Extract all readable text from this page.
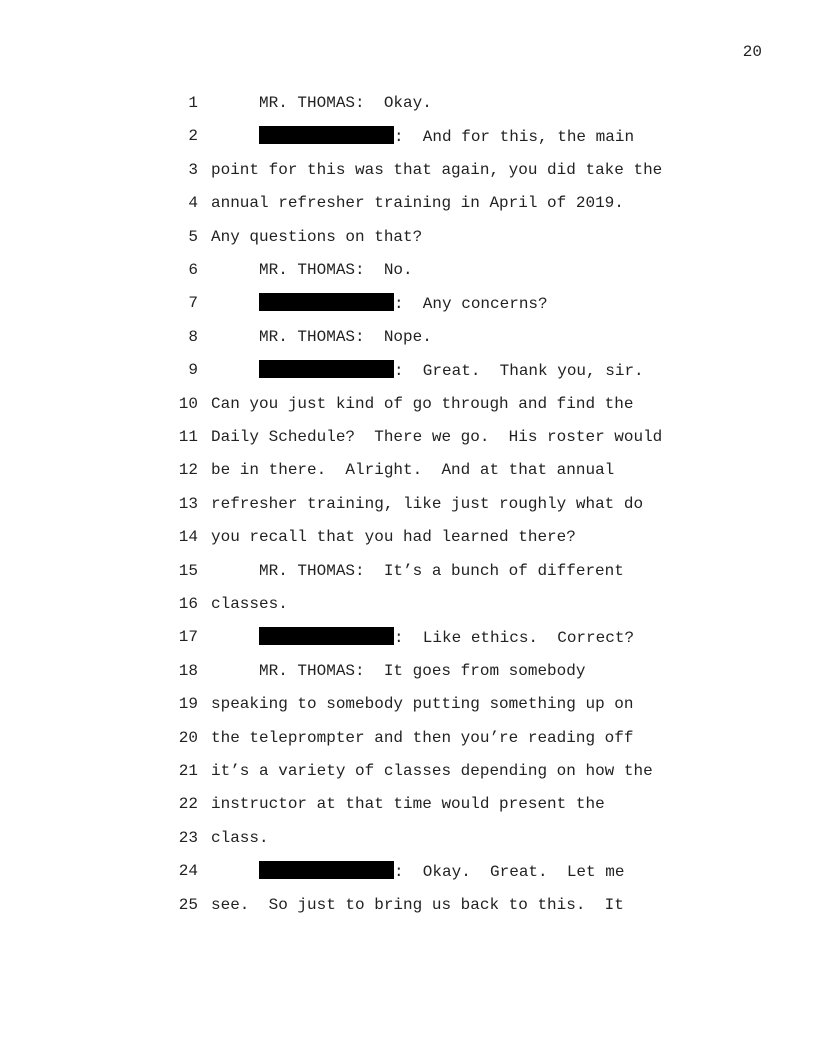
20
1	MR. THOMAS:  Okay.
2	:  And for this, the main
3 point for this was that again, you did take the
4 annual refresher training in April of 2019.
5 Any questions on that?
6	MR. THOMAS:  No.
7	:  Any concerns?
8	MR. THOMAS:  Nope.
9	:  Great.  Thank you, sir.
10 Can you just kind of go through and find the
11 Daily Schedule?  There we go.  His roster would
12 be in there.  Alright.  And at that annual
13 refresher training, like just roughly what do
14 you recall that you had learned there?
15	MR. THOMAS:  It’s a bunch of different
16 classes.
17	:  Like ethics.  Correct?
18	MR. THOMAS:  It goes from somebody
19 speaking to somebody putting something up on
20 the teleprompter and then you’re reading off
21 it’s a variety of classes depending on how the
22 instructor at that time would present the
23 class.
24	:  Okay.  Great.  Let me
25 see.  So just to bring us back to this.  It
